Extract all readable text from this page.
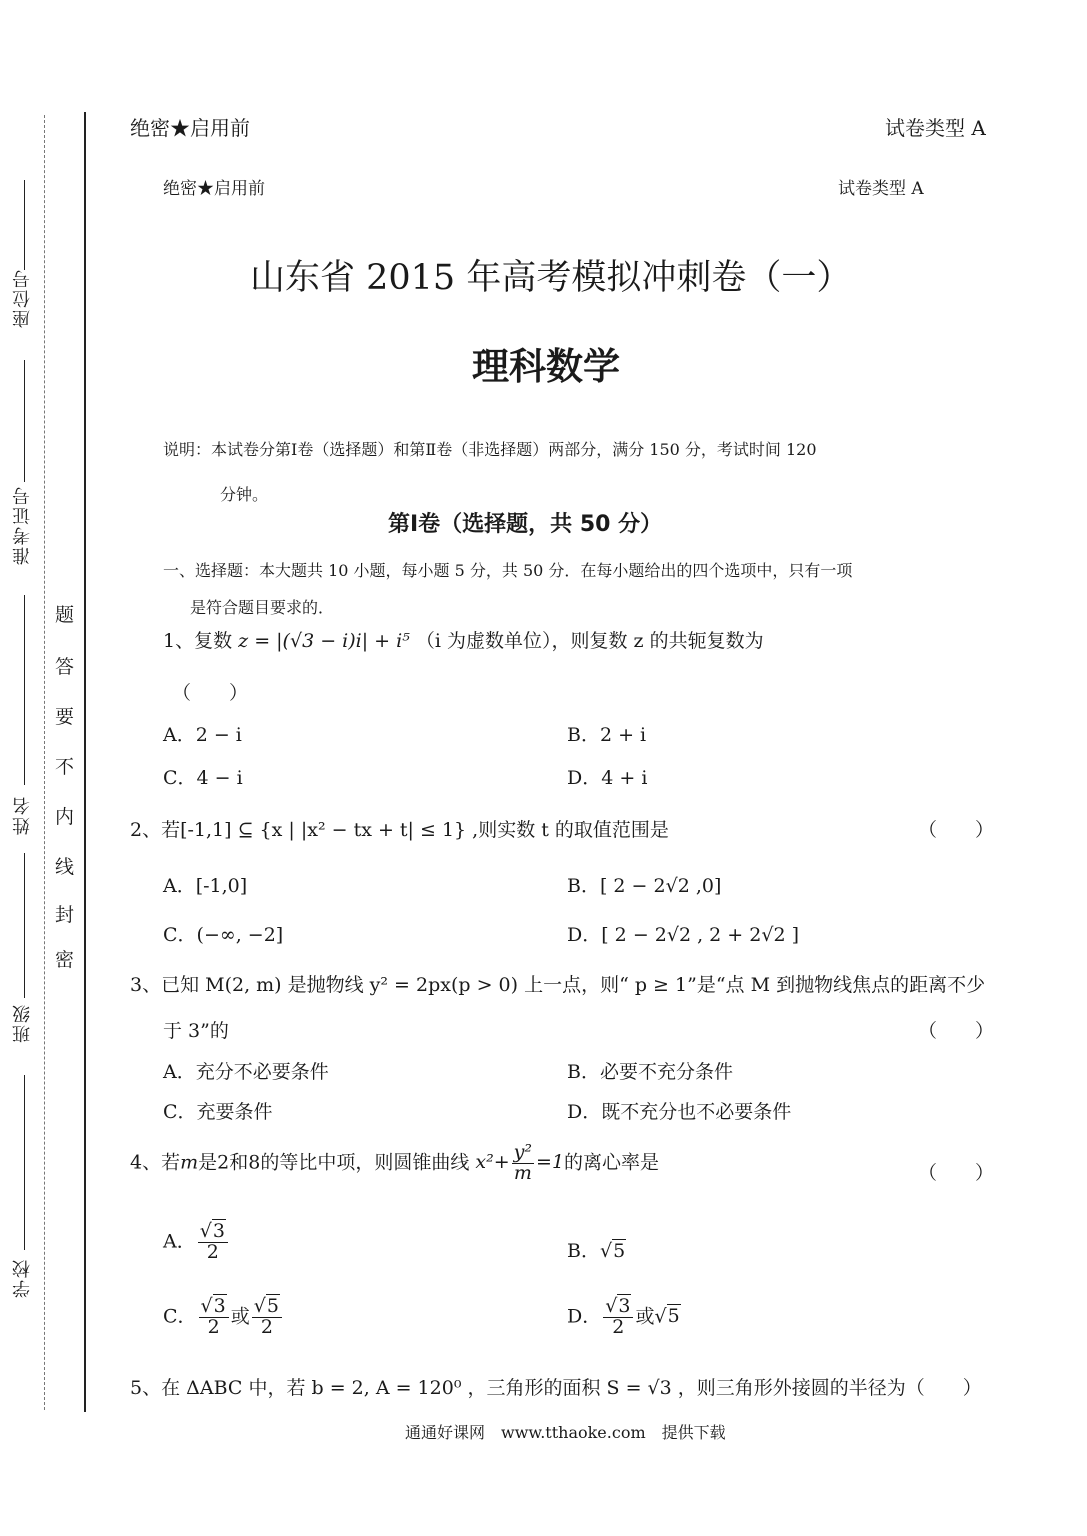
座位号
准考证号
姓名
班级
学校
题
答
要
不
内
线
封
密
绝密★启用前	试卷类型 A
绝密★启用前	试卷类型 A
山东省 2015 年高考模拟冲刺卷（一）
理科数学
说明：本试卷分第Ⅰ卷（选择题）和第Ⅱ卷（非选择题）两部分，满分 150 分，考试时间 120
分钟。
第Ⅰ卷（选择题，共 50 分）
一、选择题：本大题共 10 小题，每小题 5 分，共 50 分．在每小题给出的四个选项中，只有一项
是符合题目要求的．
1、复数 z = |(√3 − i)i| + i⁵ （i 为虚数单位），则复数 z 的共轭复数为
（　　）
A．2 − i	B．2 + i
C．4 − i	D．4 + i
2、若[-1,1] ⊆ {x | |x² − tx + t| ≤ 1} ,则实数 t 的取值范围是	（　　）
A．[-1,0]	B．[ 2 − 2√2 ,0]
C．(−∞, −2]	D．[ 2 − 2√2 , 2 + 2√2 ]
3、已知 M(2, m) 是抛物线 y² = 2px(p > 0) 上一点，则“ p ≥ 1”是“点 M 到抛物线焦点的距离不少
于 3”的	（　　）
A．充分不必要条件	B．必要不充分条件
C．充要条件	D．既不充分也不必要条件
4、若m是2和8的等比中项，则圆锥曲线 $x^2+ \frac{\text{y²}}{m} =1$的离心率是	（　　）
A． $\frac{√3}{2}$	B．√5
C． $\frac{√3}{2}$ 或 $\frac{√5}{2}$	D． $\frac{√3}{2}$ 或√5
5、在 ΔABC 中，若 b = 2, A = 120⁰ ，三角形的面积 S = √3 ，则三角形外接圆的半径为（　　）
通通好课网　www.tthaoke.com　提供下载
